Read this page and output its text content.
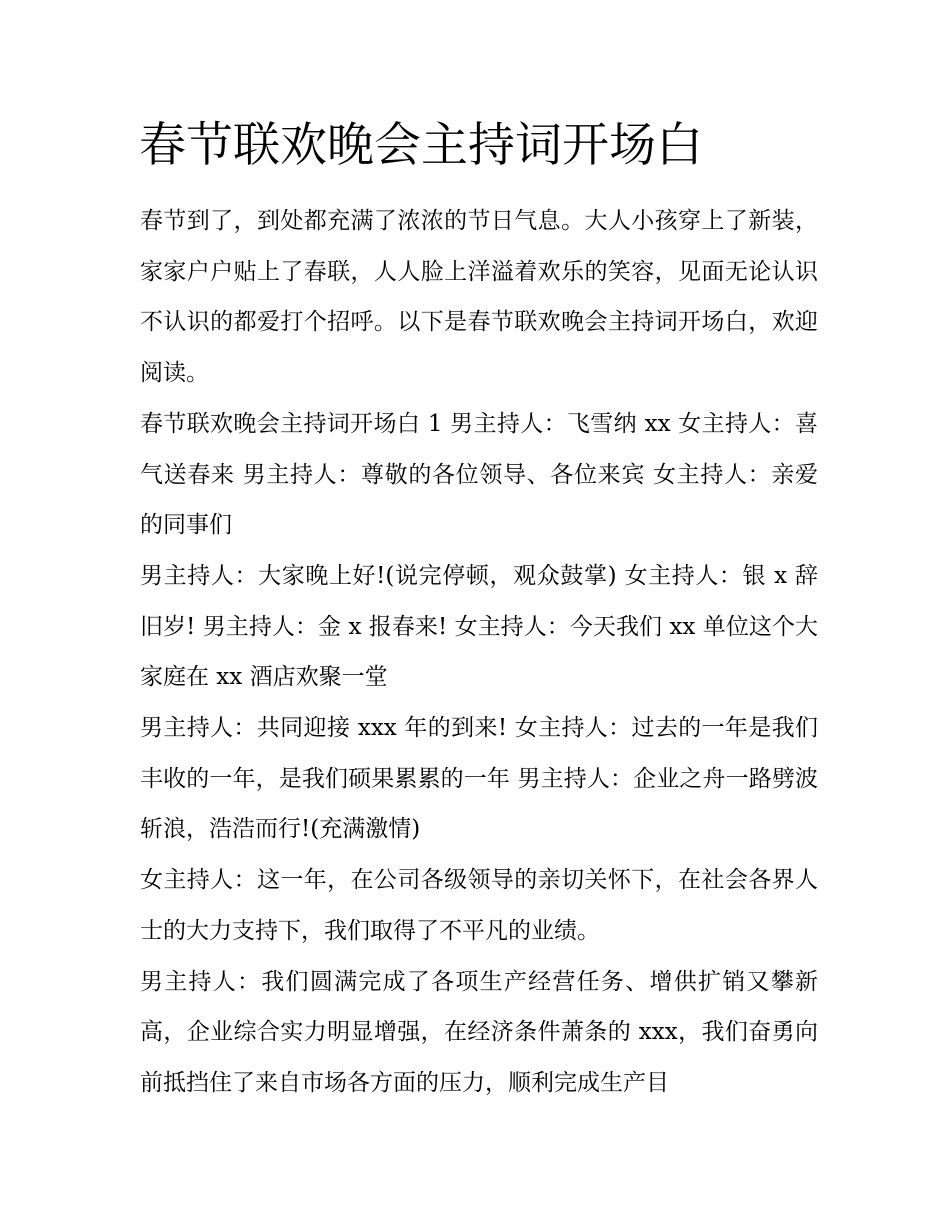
春节联欢晚会主持词开场白

春节到了，到处都充满了浓浓的节日气息。大人小孩穿上了新装，家家户户贴上了春联，人人脸上洋溢着欢乐的笑容，见面无论认识不认识的都爱打个招呼。以下是春节联欢晚会主持词开场白，欢迎阅读。

春节联欢晚会主持词开场白 1 男主持人：飞雪纳 xx 女主持人：喜气送春来 男主持人：尊敬的各位领导、各位来宾 女主持人：亲爱的同事们

男主持人：大家晚上好!(说完停顿，观众鼓掌) 女主持人：银 x 辞旧岁! 男主持人：金 x 报春来! 女主持人：今天我们 xx 单位这个大家庭在 xx 酒店欢聚一堂

男主持人：共同迎接 xxx 年的到来! 女主持人：过去的一年是我们丰收的一年，是我们硕果累累的一年 男主持人：企业之舟一路劈波斩浪，浩浩而行!(充满激情)

女主持人：这一年，在公司各级领导的亲切关怀下，在社会各界人士的大力支持下，我们取得了不平凡的业绩。

男主持人：我们圆满完成了各项生产经营任务、增供扩销又攀新高，企业综合实力明显增强，在经济条件萧条的 xxx，我们奋勇向前抵挡住了来自市场各方面的压力，顺利完成生产目
